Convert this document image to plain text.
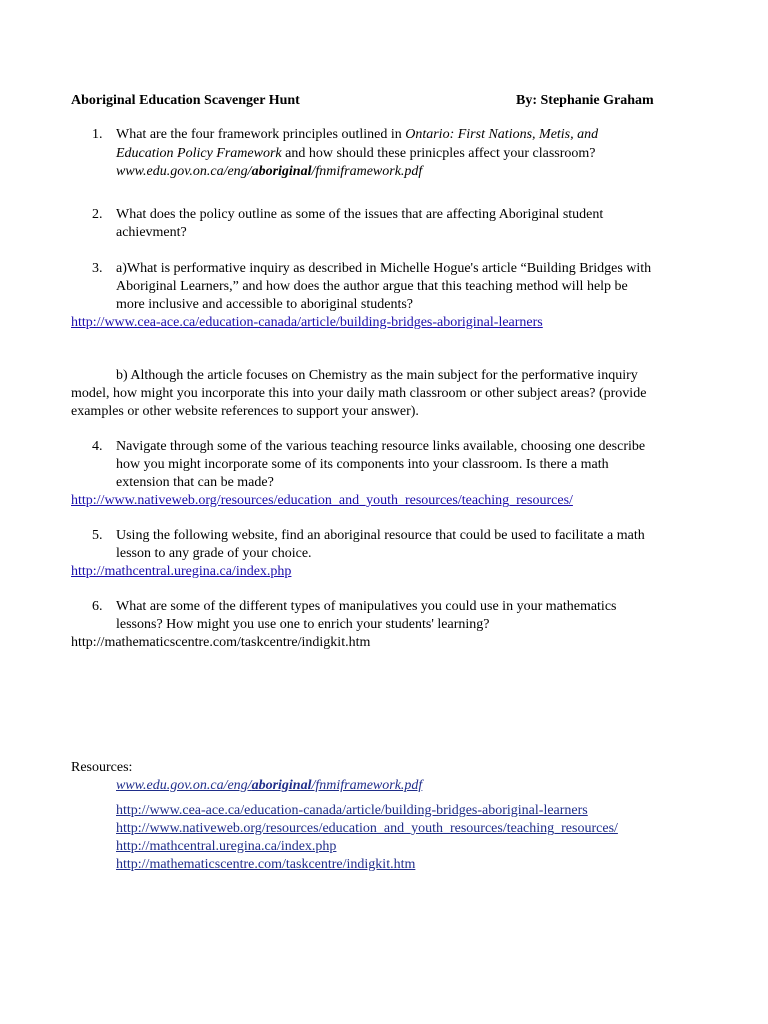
Aboriginal Education Scavenger Hunt	By: Stephanie Graham
1. What are the four framework principles outlined in Ontario: First Nations, Metis, and
Education Policy Framework and how should these prinicples affect your classroom?
www.edu.gov.on.ca/eng/aboriginal/fnmiframework.pdf
2. What does the policy outline as some of the issues that are affecting Aboriginal student
achievment?
3. a)What is performative inquiry as described in Michelle Hogue's article “Building Bridges with
Aboriginal Learners,” and how does the author argue that this teaching method will help be
more inclusive and accessible to aboriginal students?
http://www.cea-ace.ca/education-canada/article/building-bridges-aboriginal-learners
b) Although the article focuses on Chemistry as the main subject for the performative inquiry
model, how might you incorporate this into your daily math classroom or other subject areas? (provide
examples or other website references to support your answer).
4. Navigate through some of the various teaching resource links available, choosing one describe
how you might incorporate some of its components into your classroom. Is there a math
extension that can be made?
http://www.nativeweb.org/resources/education_and_youth_resources/teaching_resources/
5. Using the following website, find an aboriginal resource that could be used to facilitate a math
lesson to any grade of your choice.
http://mathcentral.uregina.ca/index.php
6. What are some of the different types of manipulatives you could use in your mathematics
lessons? How might you use one to enrich your students' learning?
http://mathematicscentre.com/taskcentre/indigkit.htm
Resources:
www.edu.gov.on.ca/eng/aboriginal/fnmiframework.pdf
http://www.cea-ace.ca/education-canada/article/building-bridges-aboriginal-learners
http://www.nativeweb.org/resources/education_and_youth_resources/teaching_resources/
http://mathcentral.uregina.ca/index.php
http://mathematicscentre.com/taskcentre/indigkit.htm
